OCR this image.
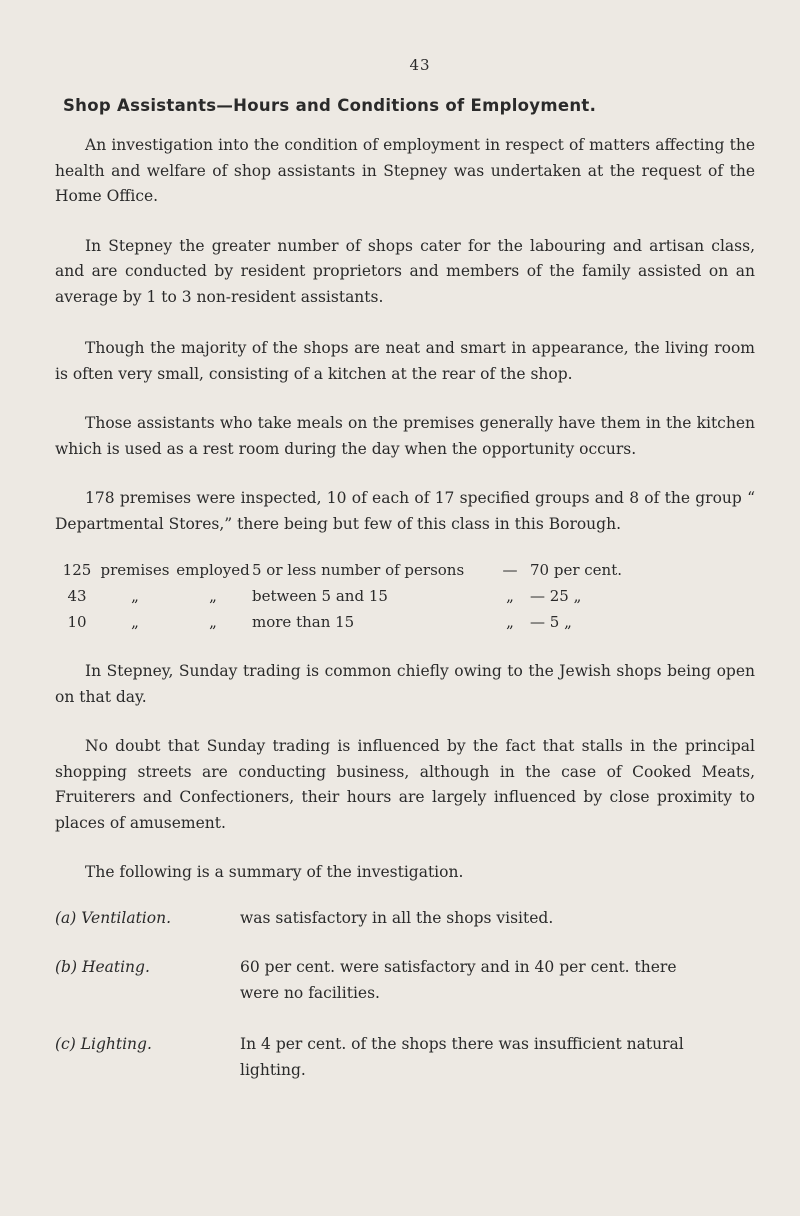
43
Shop Assistants—Hours and Conditions of Employment.

An investigation into the condition of employment in respect of matters affecting the health and welfare of shop assistants in Stepney was undertaken at the request of the Home Office.

In Stepney the greater number of shops cater for the labouring and artisan class, and are conducted by resident proprietors and members of the family assisted on an average by 1 to 3 non-resident assistants.

Though the majority of the shops are neat and smart in appearance, the living room is often very small, consisting of a kitchen at the rear of the shop.

Those assistants who take meals on the premises generally have them in the kitchen which is used as a rest room during the day when the opportunity occurs.

178 premises were inspected, 10 of each of 17 specified groups and 8 of the group “ Departmental Stores,” there being but few of this class in this Borough.

125	premises	employed	5 or less number of persons	—	70 per cent.
43	„	„	between 5 and 15	„	— 25 „
10	„	„	more than 15	„	— 5 „

In Stepney, Sunday trading is common chiefly owing to the Jewish shops being open on that day.

No doubt that Sunday trading is influenced by the fact that stalls in the principal shopping streets are conducting business, although in the case of Cooked Meats, Fruiterers and Confectioners, their hours are largely influenced by close proximity to places of amusement.

The following is a summary of the investigation.

(a) Ventilation.	was satisfactory in all the shops visited.
(b) Heating.	60 per cent. were satisfactory and in 40 per cent. there were no facilities.
(c) Lighting.	In 4 per cent. of the shops there was insufficient natural lighting.
